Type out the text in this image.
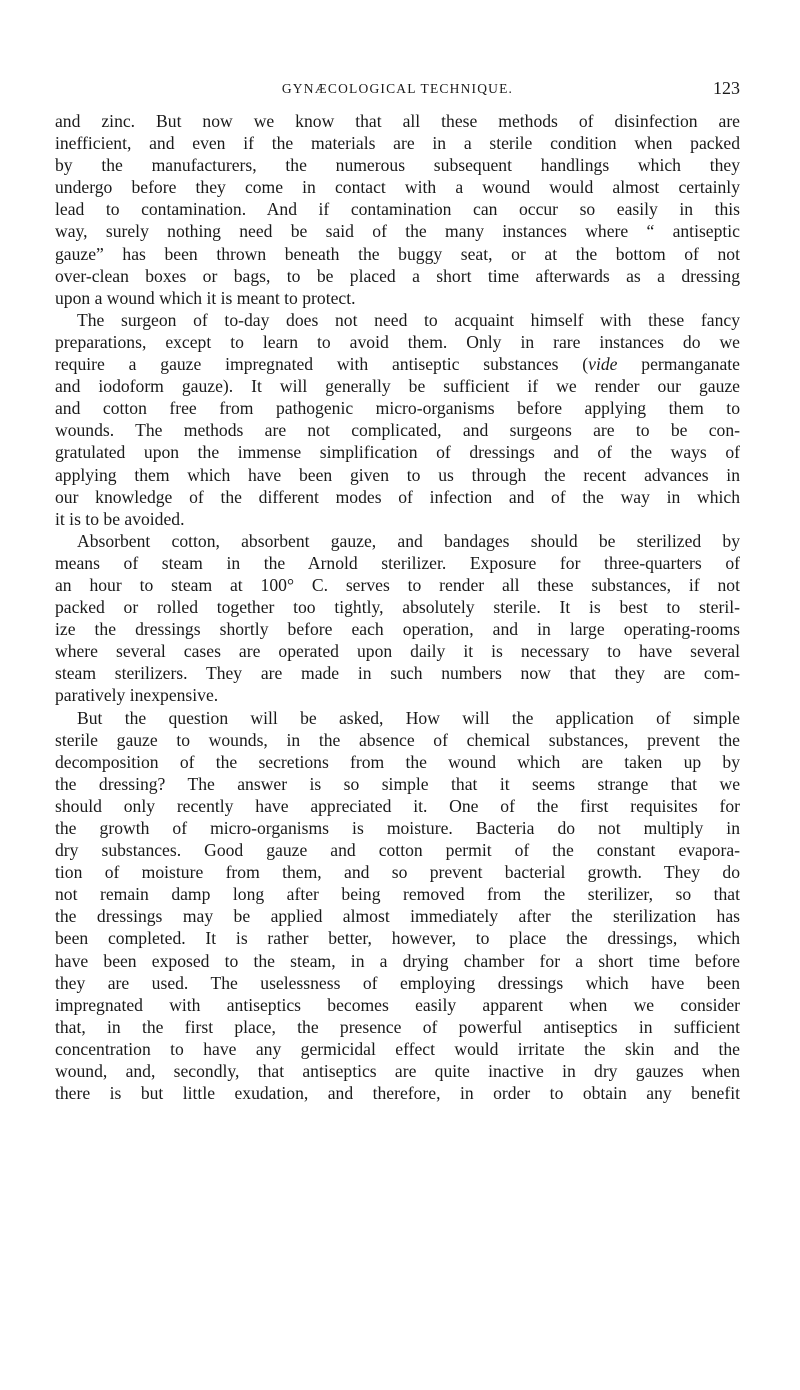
GYNÆCOLOGICAL TECHNIQUE.	123
and zinc. But now we know that all these methods of disinfection are
inefficient, and even if the materials are in a sterile condition when packed
by the manufacturers, the numerous subsequent handlings which they
undergo before they come in contact with a wound would almost certainly
lead to contamination. And if contamination can occur so easily in this
way, surely nothing need be said of the many instances where “ antiseptic
gauze” has been thrown beneath the buggy seat, or at the bottom of not
over-clean boxes or bags, to be placed a short time afterwards as a dressing
upon a wound which it is meant to protect.
The surgeon of to-day does not need to acquaint himself with these fancy
preparations, except to learn to avoid them. Only in rare instances do we
require a gauze impregnated with antiseptic substances (vide permanganate
and iodoform gauze). It will generally be sufficient if we render our gauze
and cotton free from pathogenic micro-organisms before applying them to
wounds. The methods are not complicated, and surgeons are to be con-
gratulated upon the immense simplification of dressings and of the ways of
applying them which have been given to us through the recent advances in
our knowledge of the different modes of infection and of the way in which
it is to be avoided.
Absorbent cotton, absorbent gauze, and bandages should be sterilized by
means of steam in the Arnold sterilizer. Exposure for three-quarters of
an hour to steam at 100° C. serves to render all these substances, if not
packed or rolled together too tightly, absolutely sterile. It is best to steril-
ize the dressings shortly before each operation, and in large operating-rooms
where several cases are operated upon daily it is necessary to have several
steam sterilizers. They are made in such numbers now that they are com-
paratively inexpensive.
But the question will be asked, How will the application of simple
sterile gauze to wounds, in the absence of chemical substances, prevent the
decomposition of the secretions from the wound which are taken up by
the dressing? The answer is so simple that it seems strange that we
should only recently have appreciated it. One of the first requisites for
the growth of micro-organisms is moisture. Bacteria do not multiply in
dry substances. Good gauze and cotton permit of the constant evapora-
tion of moisture from them, and so prevent bacterial growth. They do
not remain damp long after being removed from the sterilizer, so that
the dressings may be applied almost immediately after the sterilization has
been completed. It is rather better, however, to place the dressings, which
have been exposed to the steam, in a drying chamber for a short time before
they are used. The uselessness of employing dressings which have been
impregnated with antiseptics becomes easily apparent when we consider
that, in the first place, the presence of powerful antiseptics in sufficient
concentration to have any germicidal effect would irritate the skin and the
wound, and, secondly, that antiseptics are quite inactive in dry gauzes when
there is but little exudation, and therefore, in order to obtain any benefit
